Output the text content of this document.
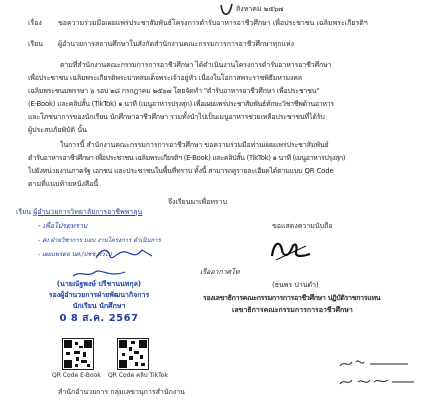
สิงหาคม ๒๕๖๗
เรื่อง ขอความร่วมมือเผยแพร่ประชาสัมพันธ์โครงการตำรับอาหารอาชีวศึกษา เพื่อประชาชน เฉลิมพระเกียรติฯ
เรียน ผู้อำนวยการสถานศึกษาในสังกัดสำนักงานคณะกรรมการการอาชีวศึกษาทุกแห่ง
ตามที่สำนักงานคณะกรรมการการอาชีวศึกษา ได้ดำเนินงานโครงการตำรับอาหารอาชีวศึกษา
เพื่อประชาชน เฉลิมพระเกียรติพระบาทสมเด็จพระเจ้าอยู่หัว เนื่องในโอกาสพระราชพิธีมหามงคล
เฉลิมพระชนมพรรษา ๖ รอบ ๒๘ กรกฎาคม ๒๕๖๗ โดยจัดทำ "ตำรับอาหารอาชีวศึกษา เพื่อประชาชน"
(E-Book) และคลิปสั้น (TikTok) ๑ นาที (เมนูอาหารปรุงสุก) เพื่อเผยแพร่ประชาสัมพันธ์ทักษะวิชาชีพด้านอาหาร
และโภชนาการของนักเรียน นักศึกษาอาชีวศึกษา รวมทั้งนำไปเป็นเมนูอาหารช่วยเหลือประชาชนที่ได้รับ
ผู้ประสบภัยพิบัติ นั้น
ในการนี้ สำนักงานคณะกรรมการการอาชีวศึกษา ขอความร่วมมือท่านเผยแพร่ประชาสัมพันธ์
ตำรับอาหารอาชีวศึกษา เพื่อประชาชน เฉลิมพระเกียรติฯ (E-Book) และคลิปสั้น (TikTok) ๑ นาที (เมนูอาหารปรุงสุก)
ไปยังหน่วยงานภาครัฐ เอกชน และประชาชนในพื้นที่ทราบ ทั้งนี้ สามารถดูรายละเอียดได้ตามแบบ QR Code
ตามที่แนบท้ายหนังสือนี้
จึงเรียนมาเพื่อทราบ
เรียน ผู้อำนวยการวิทยาลัยการอาชีพพาลุน
- เพื่อโปรดทราบ
- ส่ง ฝ่ายวิชาการ มอบ งานโครงการ ดำเนินการ
- เผยแพร่ต่อ นศ./ปชช.ทั่วไป
ขอแสดงความนับถือ
เรืออากาศโท
(ธนพร ปานดำ)
รองเลขาธิการคณะกรรมการการอาชีวศึกษา ปฏิบัติราชการแทน
เลขาธิการคณะกรรมการการอาชีวศึกษา
(นายณัฐพงษ์ ปรีชานนทกุล)
รองผู้อำนวยการฝ่ายพัฒนากิจการ
นักเรียน นักศึกษา
0 8 ส.ค. 2567
QR Code E-Book QR Code คลิป TikTok
สำนักอำนวยการ กลุ่มเลขานุการสำนักงาน
